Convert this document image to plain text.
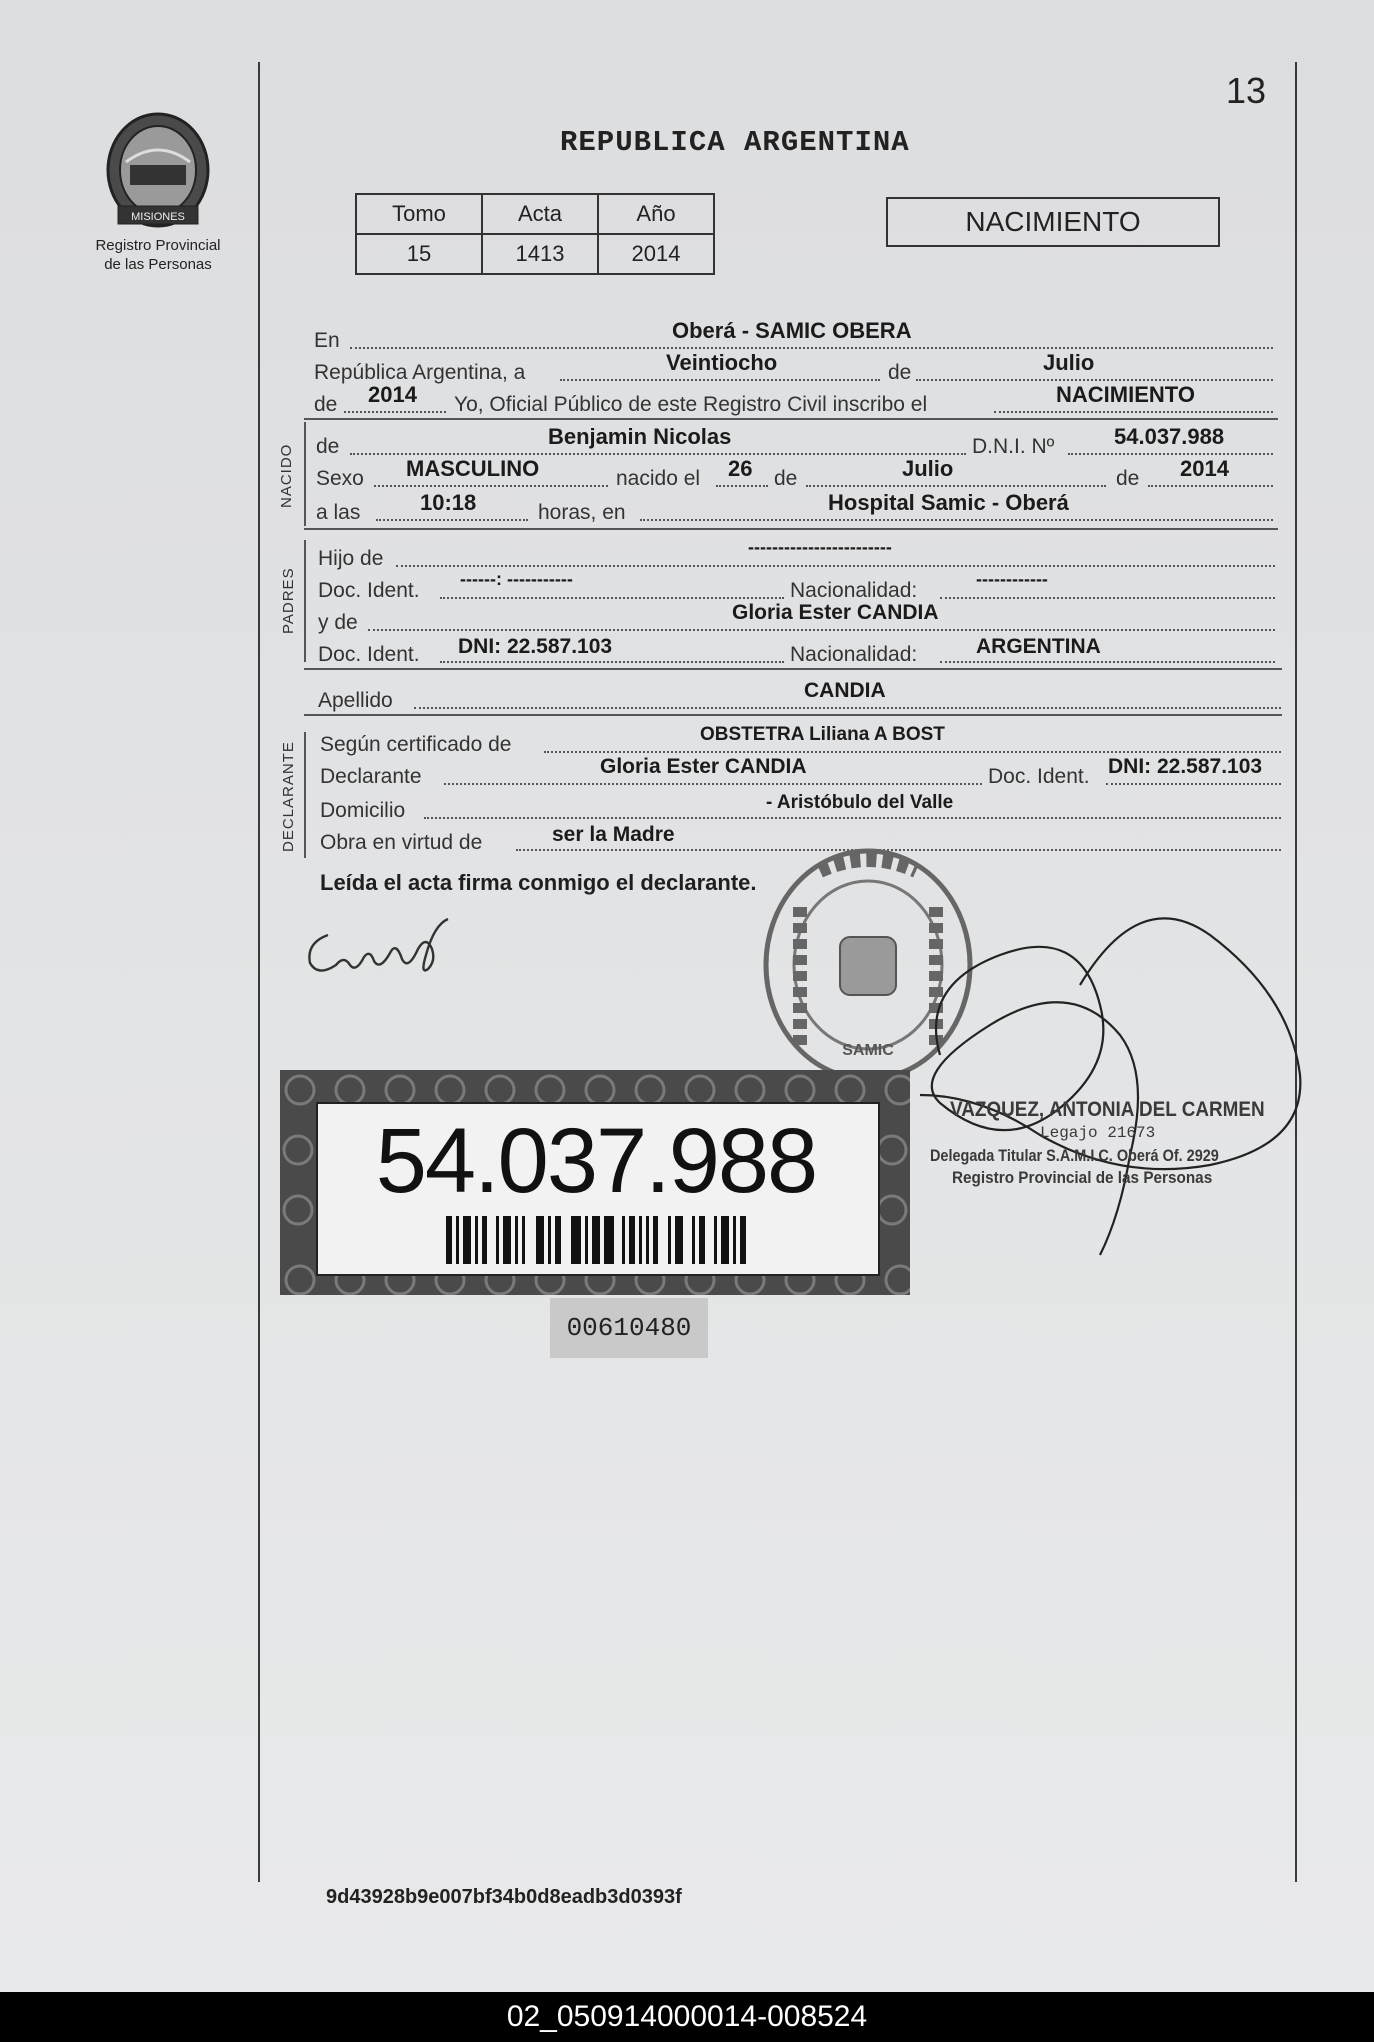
MISIONES
Registro Provincial
de las Personas
13
REPUBLICA ARGENTINA
Tomo	Acta	Año
15	1413	2014
NACIMIENTO
En	Oberá - SAMIC OBERA
República Argentina, a	Veintiocho	de	Julio
de 2014 Yo, Oficial Público de este Registro Civil inscribo el	NACIMIENTO
NACIDO de	Benjamin Nicolas	D.N.I. Nº	54.037.988
Sexo MASCULINO	nacido el 26 de	Julio	de 2014
a las	10:18	horas, en	Hospital Samic - Oberá
PADRES
Hijo de	------------------------
Doc. Ident. ------: -----------	Nacionalidad:	------------
y de	Gloria Ester CANDIA
Doc. Ident. DNI: 22.587.103	Nacionalidad:	ARGENTINA
Apellido	CANDIA
DECLARANTE Según certificado de	OBSTETRA Liliana A BOST
Declarante	Gloria Ester CANDIA	Doc. Ident. DNI: 22.587.103
Domicilio	- Aristóbulo del Valle
Obra en virtud de	ser la Madre
Leída el acta firma conmigo el declarante.
SAMIC
VAZQUEZ, ANTONIA DEL CARMEN
Legajo 21673
Delegada Titular S.A.M.I.C. Oberá Of. 2929
Registro Provincial de las Personas
54.037.988
00610480
9d43928b9e007bf34b0d8eadb3d0393f
02_050914000014-008524
